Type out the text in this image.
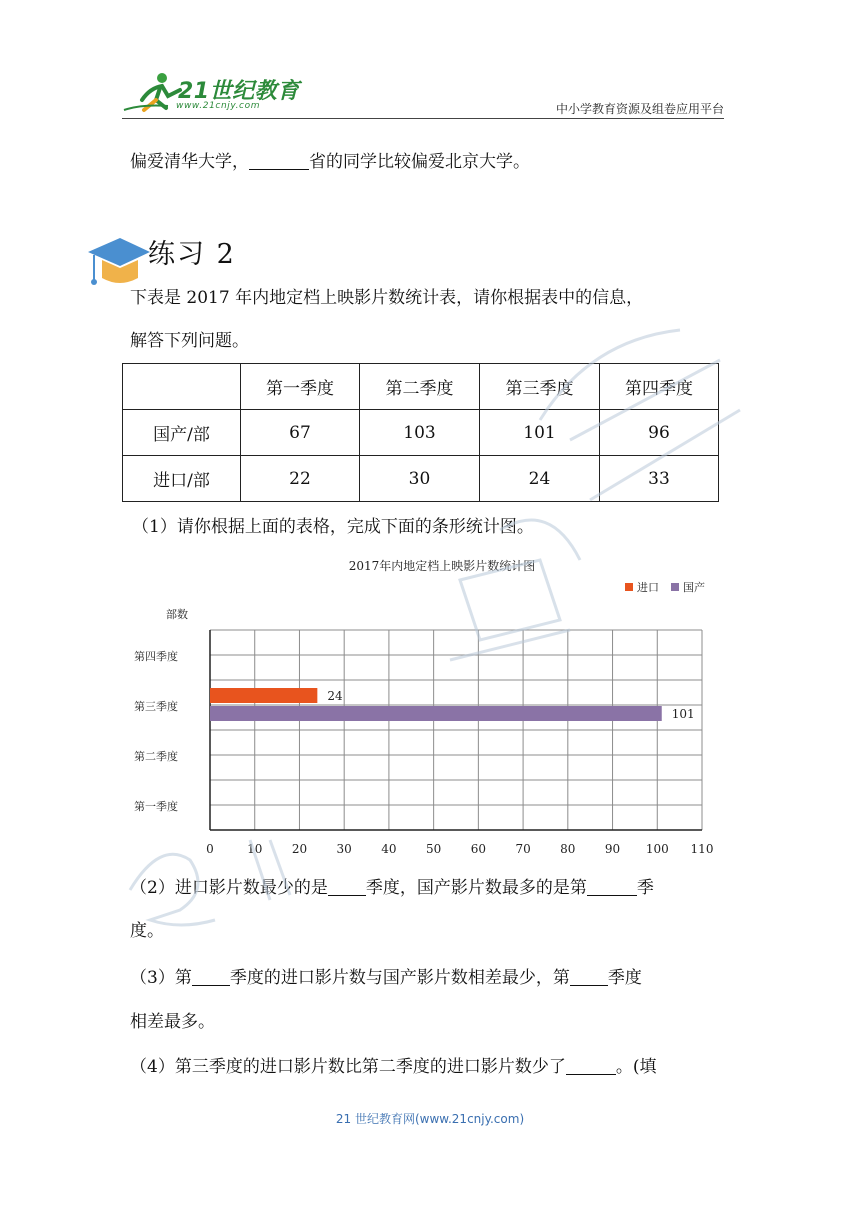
21世纪教育
www.21cnjy.com	中小学教育资源及组卷应用平台
偏爱清华大学，	省的同学比较偏爱北京大学。
练习 2
下表是 2017 年内地定档上映影片数统计表，请你根据表中的信息，
解答下列问题。
	第一季度	第二季度	第三季度	第四季度
国产/部	67	103	101	96
进口/部	22	30	24	33
（1）请你根据上面的表格，完成下面的条形统计图。
2017年内地定档上映影片数统计图
进口 国产
部数
0	10 20 30 40 50 60 70 80 90 100 110
第四季度
第三季度
24
101
第二季度
第一季度
（2）进口影片数最少的是 季度，国产影片数最多的是第	季
度。
（3）第 季度的进口影片数与国产影片数相差最少，第 季度
相差最多。
（4）第三季度的进口影片数比第二季度的进口影片数少了	。(填
21 世纪教育网(www.21cnjy.com)
